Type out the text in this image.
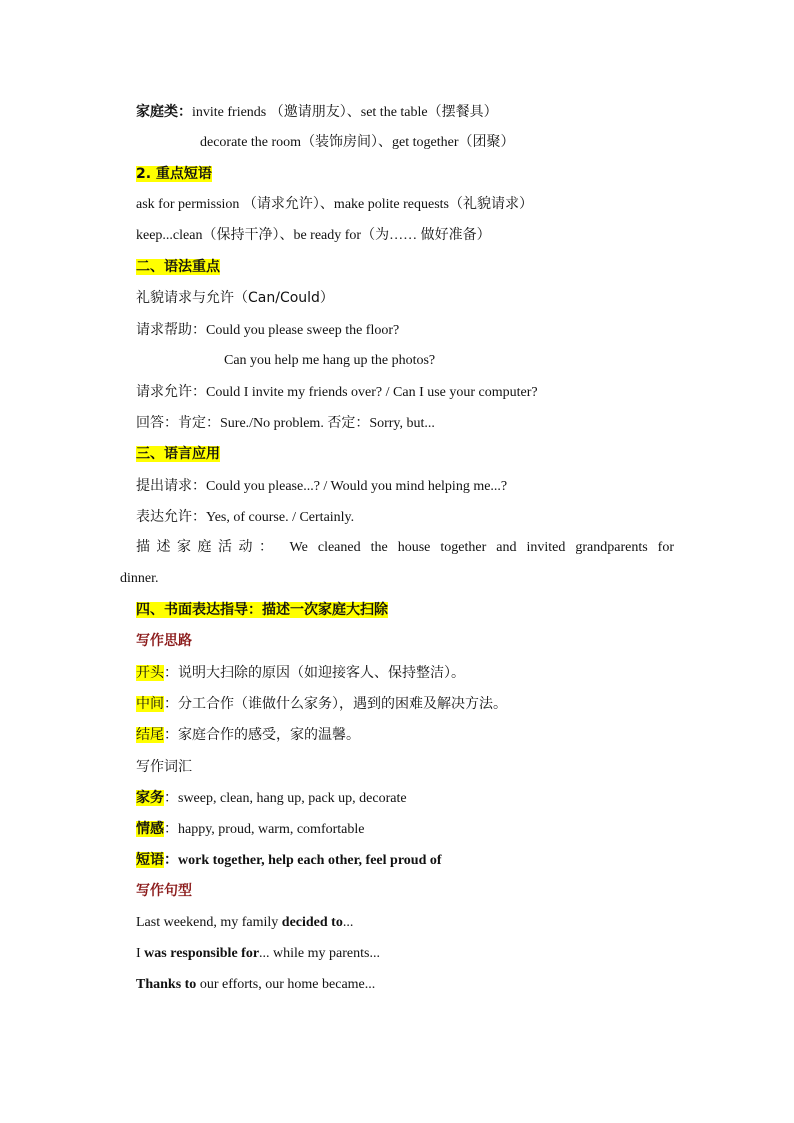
家庭类：invite friends （邀请朋友）、set the table（摆餐具）
decorate the room（装饰房间）、get together（团聚）
2. 重点短语
ask for permission （请求允许）、make polite requests（礼貌请求）
keep...clean（保持干净）、be ready for（为…… 做好准备）
二、语法重点
礼貌请求与允许（Can/Could）
请求帮助：Could you please sweep the floor?
Can you help me hang up the photos?
请求允许：Could I invite my friends over? / Can I use your computer?
回答：肯定：Sure./No problem. 否定：Sorry, but...
三、语言应用
提出请求：Could you please...? / Would you mind helping me...?
表达允许：Yes, of course. / Certainly.
描述家庭活动： We cleaned the house together and invited grandparents for
dinner.
四、书面表达指导：描述一次家庭大扫除
写作思路
开头：说明大扫除的原因（如迎接客人、保持整洁）。
中间：分工合作（谁做什么家务），遇到的困难及解决方法。
结尾：家庭合作的感受，家的温馨。
写作词汇
家务：sweep, clean, hang up, pack up, decorate
情感：happy, proud, warm, comfortable
短语：work together, help each other, feel proud of
写作句型
Last weekend, my family decided to...
I was responsible for... while my parents...
Thanks to our efforts, our home became...
